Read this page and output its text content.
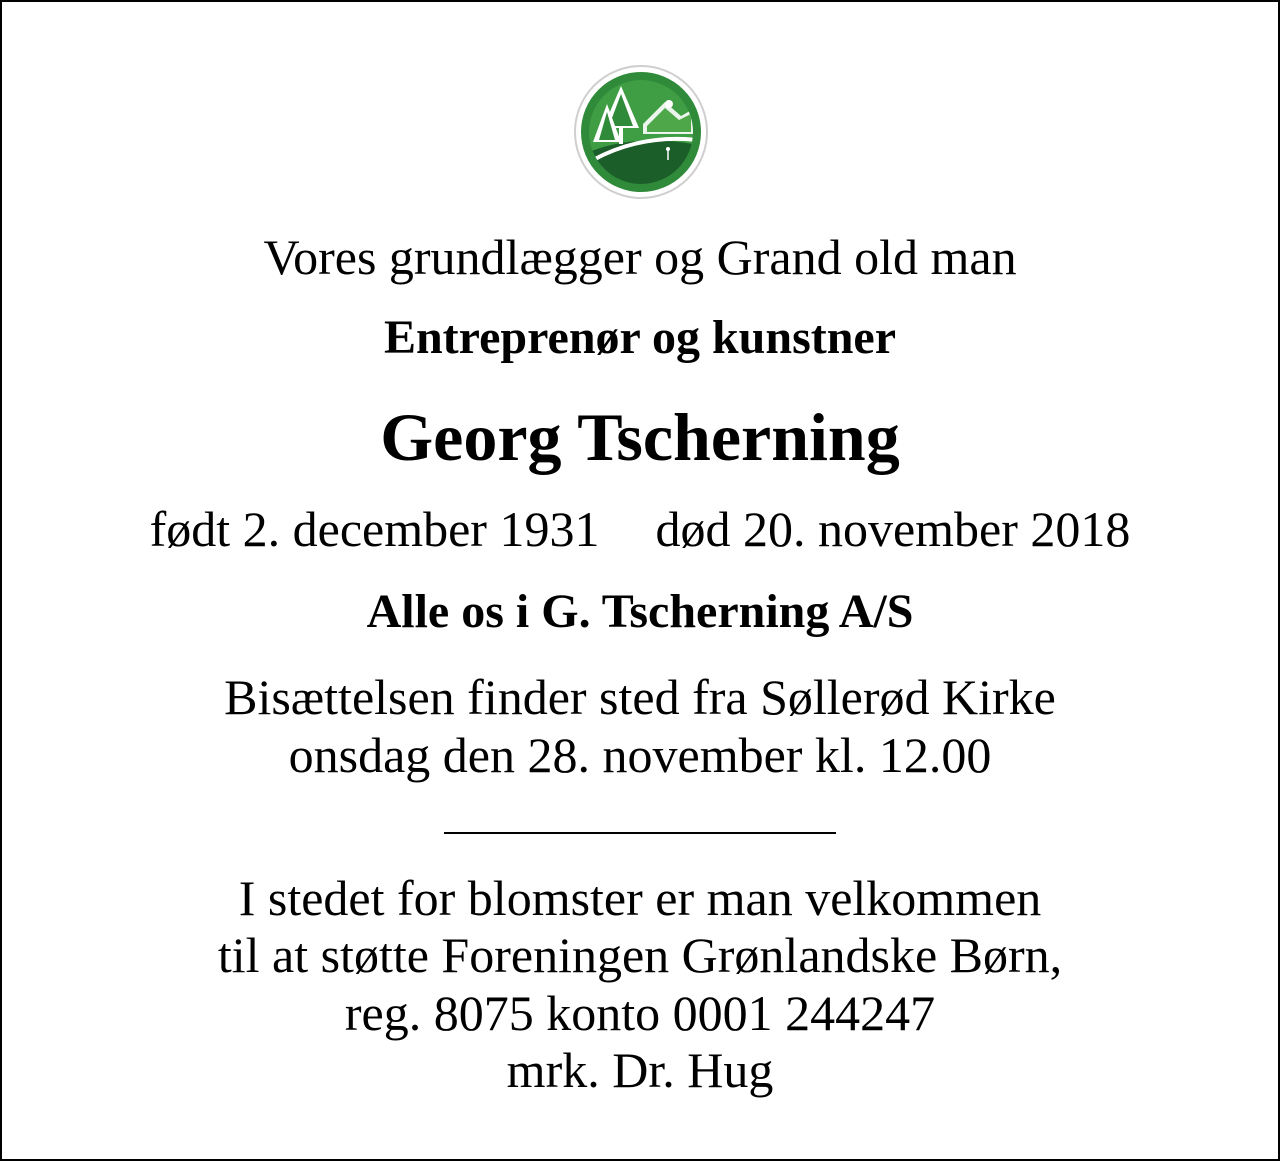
Vores grundlægger og Grand old man
Entreprenør og kunstner
Georg Tscherning
født 2. december 1931 død 20. november 2018
Alle os i G. Tscherning A/S
Bisættelsen finder sted fra Søllerød Kirke
onsdag den 28. november kl. 12.00
I stedet for blomster er man velkommen
til at støtte Foreningen Grønlandske Børn,
reg. 8075 konto 0001 244247
mrk. Dr. Hug
